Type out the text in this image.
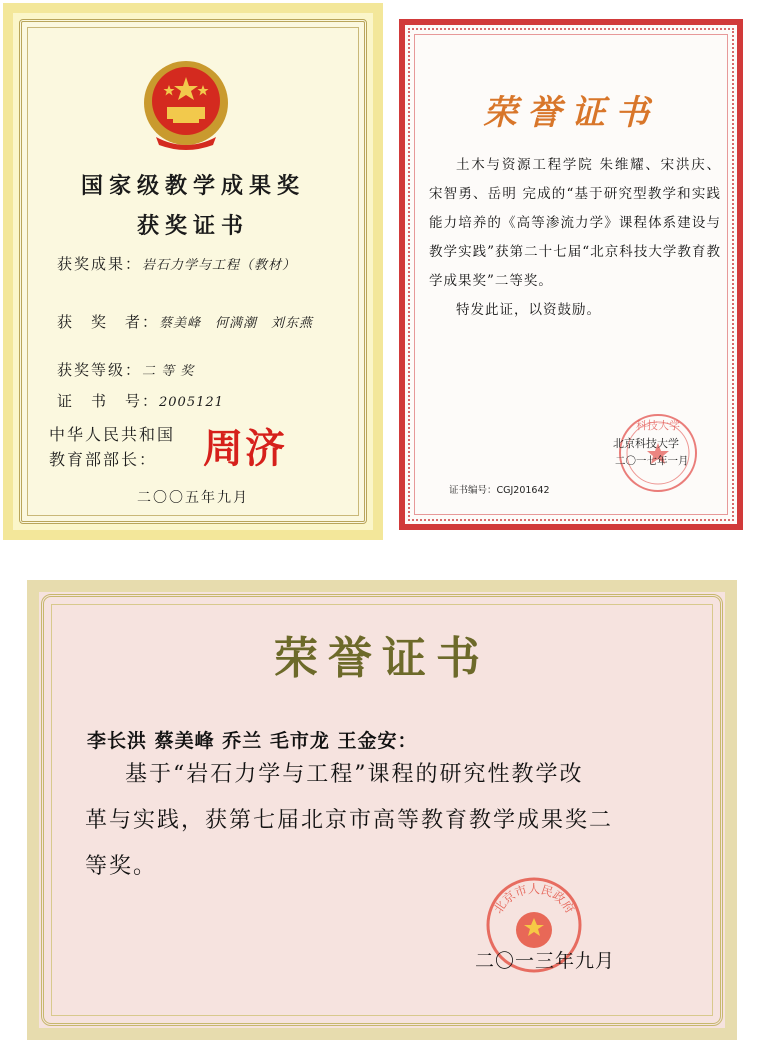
国家级教学成果奖
获奖证书
获奖成果：岩石力学与工程（教材）
获　奖　者：蔡美峰　何满潮　刘东燕
获奖等级：二 等 奖
证　书　号：2005121
中华人民共和国
教育部部长： 周济
二〇〇五年九月
荣誉证书

土木与资源工程学院 朱维耀、宋洪庆、宋智勇、岳明 完成的“基于研究型教学和实践能力培养的《高等渗流力学》课程体系建设与教学实践”获第二十七届“北京科技大学教育教学成果奖”二等奖。

特发此证，以资鼓励。

科技大学
北京科技大学
二〇一七年一月
证书编号：CGJ201642
荣誉证书
李长洪 蔡美峰 乔兰 毛市龙 王金安：
基于“岩石力学与工程”课程的研究性教学改
革与实践，获第七届北京市高等教育教学成果奖二
等奖。
北京市人民政府
二〇一三年九月
